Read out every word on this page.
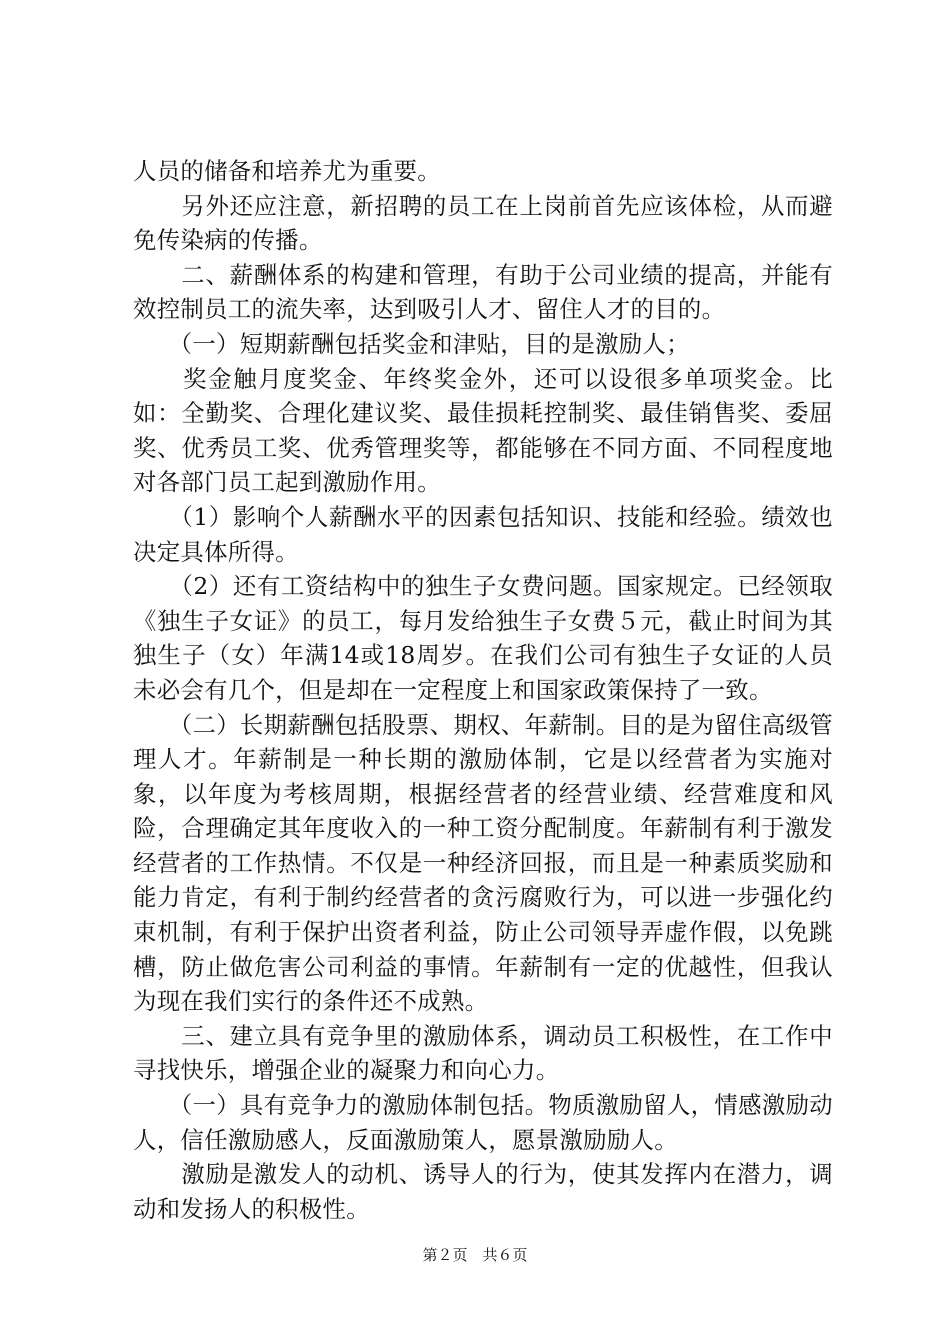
人员的储备和培养尤为重要。

　　另外还应注意，新招聘的员工在上岗前首先应该体检，从而避免传染病的传播。

　　二、薪酬体系的构建和管理，有助于公司业绩的提高，并能有效控制员工的流失率，达到吸引人才、留住人才的目的。

　　（一）短期薪酬包括奖金和津贴，目的是激励人；

　　奖金触月度奖金、年终奖金外，还可以设很多单项奖金。比如：全勤奖、合理化建议奖、最佳损耗控制奖、最佳销售奖、委屈奖、优秀员工奖、优秀管理奖等，都能够在不同方面、不同程度地对各部门员工起到激励作用。

　　（1）影响个人薪酬水平的因素包括知识、技能和经验。绩效也决定具体所得。

　　（2）还有工资结构中的独生子女费问题。国家规定。已经领取《独生子女证》的员工，每月发给独生子女费５元，截止时间为其独生子（女）年满14或18周岁。在我们公司有独生子女证的人员未必会有几个，但是却在一定程度上和国家政策保持了一致。

　　（二）长期薪酬包括股票、期权、年薪制。目的是为留住高级管理人才。年薪制是一种长期的激励体制，它是以经营者为实施对象，以年度为考核周期，根据经营者的经营业绩、经营难度和风险，合理确定其年度收入的一种工资分配制度。年薪制有利于激发经营者的工作热情。不仅是一种经济回报，而且是一种素质奖励和能力肯定，有利于制约经营者的贪污腐败行为，可以进一步强化约束机制，有利于保护出资者利益，防止公司领导弄虚作假，以免跳槽，防止做危害公司利益的事情。年薪制有一定的优越性，但我认为现在我们实行的条件还不成熟。

　　三、建立具有竞争里的激励体系，调动员工积极性，在工作中寻找快乐，增强企业的凝聚力和向心力。

　　（一）具有竞争力的激励体制包括。物质激励留人，情感激励动人，信任激励感人，反面激励策人，愿景激励励人。

　　激励是激发人的动机、诱导人的行为，使其发挥内在潜力，调动和发扬人的积极性。

第２页　共６页
